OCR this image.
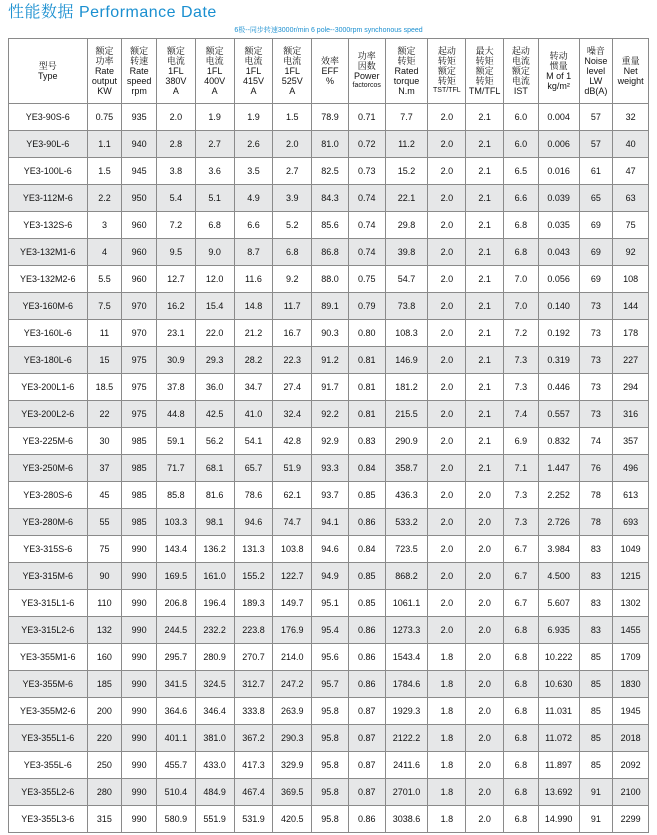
性能数据 Performance Date
6极--同步转速3000r/min 6 pole--3000rpm synchonous speed
型号
Type	额定
功率
Rate
output
KW	额定
转速
Rate
speed
rpm	额定
电流
1FL
380V
A	额定
电流
1FL
400V
A	额定
电流
1FL
415V
A	额定
电流
1FL
525V
A	效率
EFF
%	功率
因数
Power
factorcos	额定
转矩
Rated
torque
N.m	起动
转矩
额定
转矩
TST/TFL	最大
转矩
额定
转矩
TM/TFL	起动
电流
额定
电流
IST	转动
惯量
M of 1
kg/m²	噪音
Noise
level
LW
dB(A)	重量
Net
weight

YE3-90S-6	0.75	935	2.0	1.9	1.9	1.5	78.9	0.71	7.7	2.0	2.1	6.0	0.004	57	32
YE3-90L-6	1.1	940	2.8	2.7	2.6	2.0	81.0	0.72	11.2	2.0	2.1	6.0	0.006	57	40
YE3-100L-6	1.5	945	3.8	3.6	3.5	2.7	82.5	0.73	15.2	2.0	2.1	6.5	0.016	61	47
YE3-112M-6	2.2	950	5.4	5.1	4.9	3.9	84.3	0.74	22.1	2.0	2.1	6.6	0.039	65	63
YE3-132S-6	3	960	7.2	6.8	6.6	5.2	85.6	0.74	29.8	2.0	2.1	6.8	0.035	69	75
YE3-132M1-6	4	960	9.5	9.0	8.7	6.8	86.8	0.74	39.8	2.0	2.1	6.8	0.043	69	92
YE3-132M2-6	5.5	960	12.7	12.0	11.6	9.2	88.0	0.75	54.7	2.0	2.1	7.0	0.056	69	108
YE3-160M-6	7.5	970	16.2	15.4	14.8	11.7	89.1	0.79	73.8	2.0	2.1	7.0	0.140	73	144
YE3-160L-6	11	970	23.1	22.0	21.2	16.7	90.3	0.80	108.3	2.0	2.1	7.2	0.192	73	178
YE3-180L-6	15	975	30.9	29.3	28.2	22.3	91.2	0.81	146.9	2.0	2.1	7.3	0.319	73	227
YE3-200L1-6	18.5	975	37.8	36.0	34.7	27.4	91.7	0.81	181.2	2.0	2.1	7.3	0.446	73	294
YE3-200L2-6	22	975	44.8	42.5	41.0	32.4	92.2	0.81	215.5	2.0	2.1	7.4	0.557	73	316
YE3-225M-6	30	985	59.1	56.2	54.1	42.8	92.9	0.83	290.9	2.0	2.1	6.9	0.832	74	357
YE3-250M-6	37	985	71.7	68.1	65.7	51.9	93.3	0.84	358.7	2.0	2.1	7.1	1.447	76	496
YE3-280S-6	45	985	85.8	81.6	78.6	62.1	93.7	0.85	436.3	2.0	2.0	7.3	2.252	78	613
YE3-280M-6	55	985	103.3	98.1	94.6	74.7	94.1	0.86	533.2	2.0	2.0	7.3	2.726	78	693
YE3-315S-6	75	990	143.4	136.2	131.3	103.8	94.6	0.84	723.5	2.0	2.0	6.7	3.984	83	1049
YE3-315M-6	90	990	169.5	161.0	155.2	122.7	94.9	0.85	868.2	2.0	2.0	6.7	4.500	83	1215
YE3-315L1-6	110	990	206.8	196.4	189.3	149.7	95.1	0.85	1061.1	2.0	2.0	6.7	5.607	83	1302
YE3-315L2-6	132	990	244.5	232.2	223.8	176.9	95.4	0.86	1273.3	2.0	2.0	6.8	6.935	83	1455
YE3-355M1-6	160	990	295.7	280.9	270.7	214.0	95.6	0.86	1543.4	1.8	2.0	6.8	10.222	85	1709
YE3-355M-6	185	990	341.5	324.5	312.7	247.2	95.7	0.86	1784.6	1.8	2.0	6.8	10.630	85	1830
YE3-355M2-6	200	990	364.6	346.4	333.8	263.9	95.8	0.87	1929.3	1.8	2.0	6.8	11.031	85	1945
YE3-355L1-6	220	990	401.1	381.0	367.2	290.3	95.8	0.87	2122.2	1.8	2.0	6.8	11.072	85	2018
YE3-355L-6	250	990	455.7	433.0	417.3	329.9	95.8	0.87	2411.6	1.8	2.0	6.8	11.897	85	2092
YE3-355L2-6	280	990	510.4	484.9	467.4	369.5	95.8	0.87	2701.0	1.8	2.0	6.8	13.692	91	2100
YE3-355L3-6	315	990	580.9	551.9	531.9	420.5	95.8	0.86	3038.6	1.8	2.0	6.8	14.990	91	2299
